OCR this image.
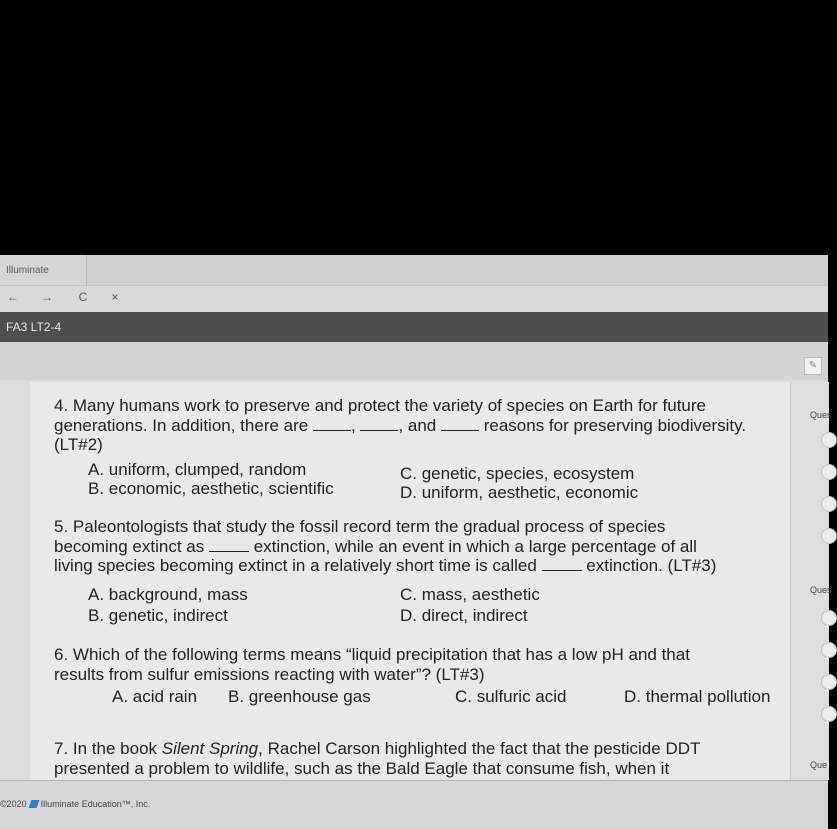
Illuminate
← →	C	×
FA3 LT2-4
✎

4. Many humans work to preserve and protect the variety of species on Earth for future

generations. In addition, there are	,	, and	reasons for preserving biodiversity.

(LT#2)

A. uniform, clumped, random
B. economic, aesthetic, scientific
C. genetic, species, ecosystem
D. uniform, aesthetic, economic

5. Paleontologists that study the fossil record term the gradual process of species

becoming extinct as	extinction, while an event in which a large percentage of all

living species becoming extinct in a relatively short time is called	extinction. (LT#3)

A. background, mass
B. genetic, indirect
C. mass, aesthetic
D. direct, indirect

6. Which of the following terms means “liquid precipitation that has a low pH and that

results from sulfur emissions reacting with water”? (LT#3)

A. acid rain B. greenhouse gas	C. sulfuric acid	D. thermal pollution

7. In the book Silent Spring, Rachel Carson highlighted the fact that the pesticide DDT

presented a problem to wildlife, such as the Bald Eagle that consume fish, when it

Ques
Ques
Que
©2020 Illuminate Education™, Inc.
